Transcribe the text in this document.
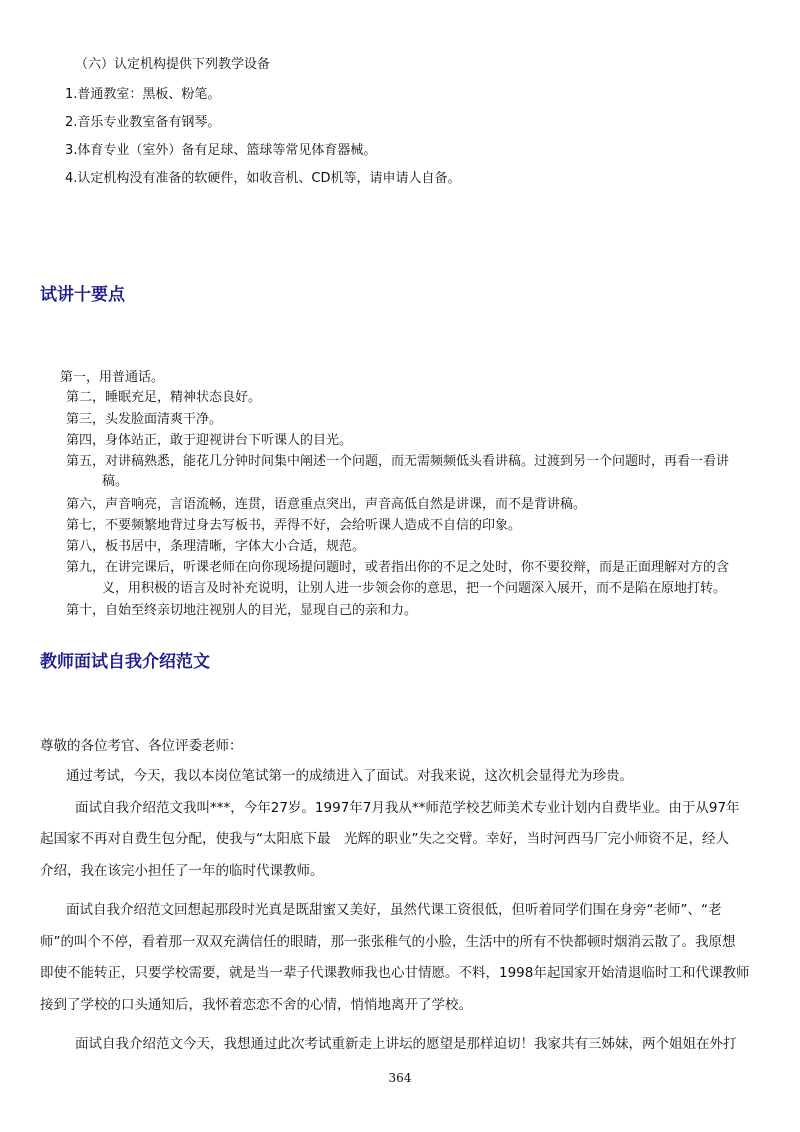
（六）认定机构提供下列教学设备
1.普通教室：黑板、粉笔。
2.音乐专业教室备有钢琴。
3.体育专业（室外）备有足球、篮球等常见体育器械。
4.认定机构没有准备的软硬件，如收音机、CD机等，请申请人自备。
试讲十要点
第一，用普通话。
第二，睡眠充足，精神状态良好。
第三，头发脸面清爽干净。
第四，身体站正，敢于迎视讲台下听课人的目光。
第五，对讲稿熟悉，能花几分钟时间集中阐述一个问题，而无需频频低头看讲稿。过渡到另一个问题时，再看一看讲
稿。
第六，声音响亮，言语流畅，连贯，语意重点突出，声音高低自然是讲课，而不是背讲稿。
第七，不要频繁地背过身去写板书，弄得不好，会给听课人造成不自信的印象。
第八，板书居中，条理清晰，字体大小合适，规范。
第九，在讲完课后，听课老师在向你现场提问题时，或者指出你的不足之处时，你不要狡辩，而是正面理解对方的含
义，用积极的语言及时补充说明，让别人进一步领会你的意思，把一个问题深入展开，而不是陷在原地打转。
第十，自始至终亲切地注视别人的目光，显现自己的亲和力。
教师面试自我介绍范文
尊敬的各位考官、各位评委老师：
通过考试，今天，我以本岗位笔试第一的成绩进入了面试。对我来说，这次机会显得尤为珍贵。
面试自我介绍范文我叫***，今年27岁。1997年7月我从**师范学校艺师美术专业计划内自费毕业。由于从97年
起国家不再对自费生包分配，使我与“太阳底下最　光辉的职业”失之交臂。幸好，当时河西马厂完小师资不足，经人
介绍，我在该完小担任了一年的临时代课教师。
面试自我介绍范文回想起那段时光真是既甜蜜又美好，虽然代课工资很低，但听着同学们围在身旁“老师”、“老
师”的叫个不停，看着那一双双充满信任的眼睛，那一张张稚气的小脸，生活中的所有不快都顿时烟消云散了。我原想
即使不能转正，只要学校需要，就是当一辈子代课教师我也心甘情愿。不料，1998年起国家开始清退临时工和代课教师
接到了学校的口头通知后，我怀着恋恋不舍的心情，悄悄地离开了学校。
面试自我介绍范文今天，我想通过此次考试重新走上讲坛的愿望是那样迫切！我家共有三姊妹，两个姐姐在外打
364
